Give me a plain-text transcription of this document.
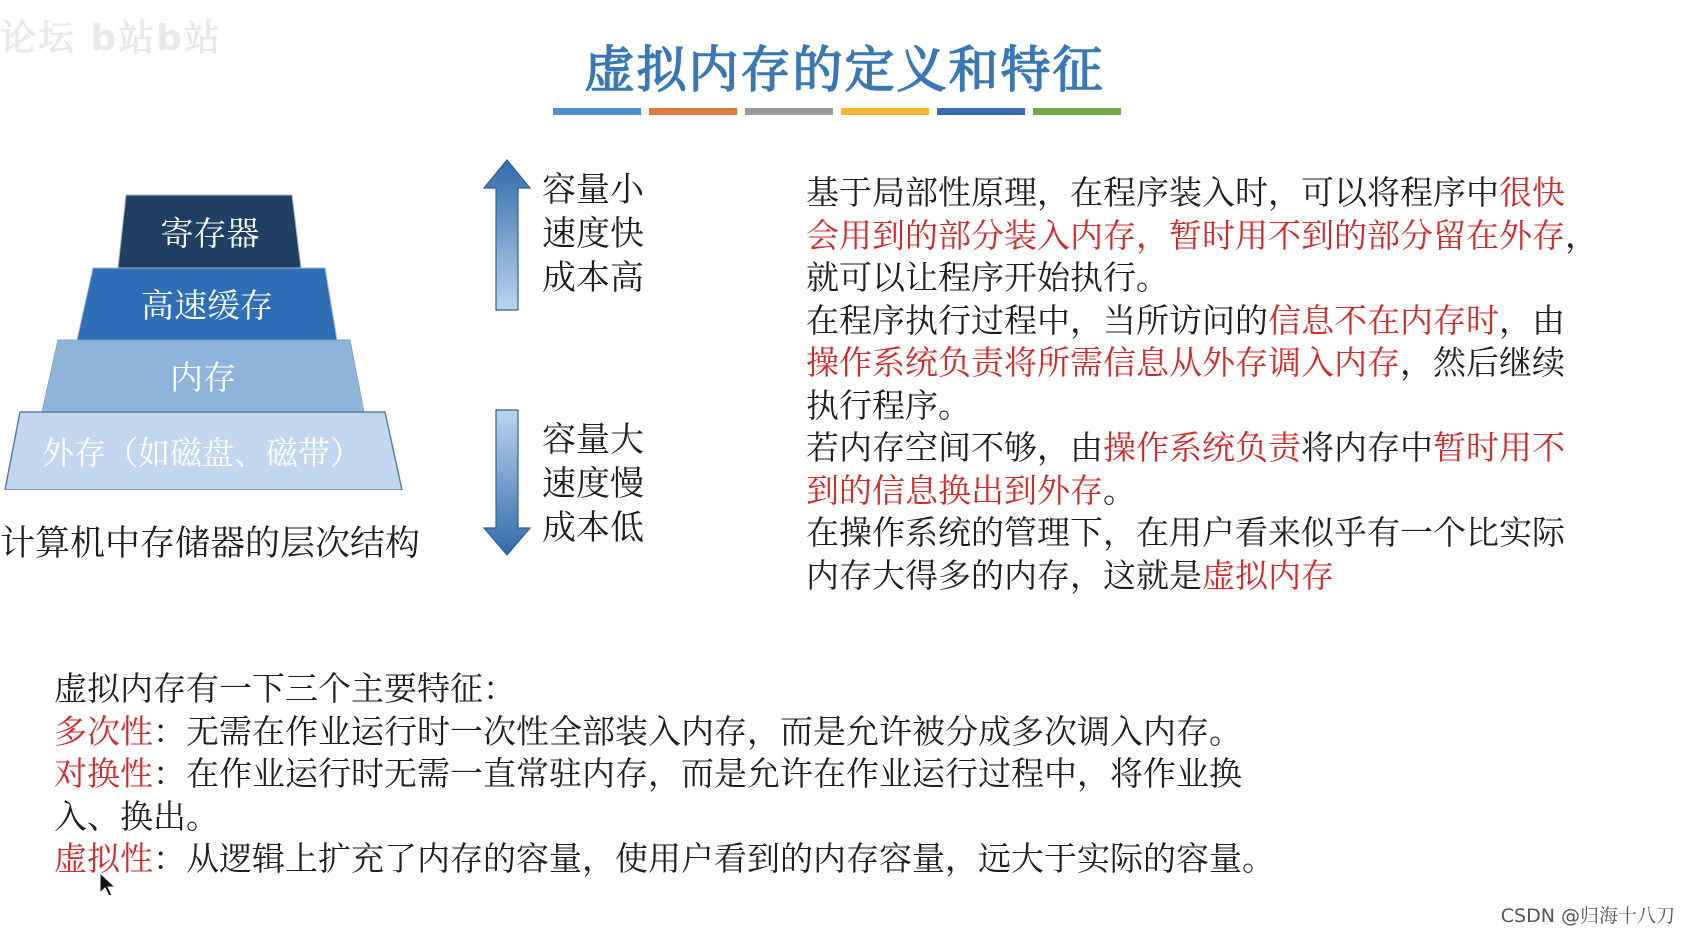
论坛 b站b站
虚拟内存的定义和特征
寄存器
高速缓存
内存
外存（如磁盘、磁带）
计算机中存储器的层次结构
容量小
速度快
成本高
容量大
速度慢
成本低

基于局部性原理，在程序装入时，可以将程序中很快

会用到的部分装入内存，暂时用不到的部分留在外存，

就可以让程序开始执行。

在程序执行过程中，当所访问的信息不在内存时，由

操作系统负责将所需信息从外存调入内存，然后继续

执行程序。

若内存空间不够，由操作系统负责将内存中暂时用不

到的信息换出到外存。

在操作系统的管理下，在用户看来似乎有一个比实际

内存大得多的内存，这就是虚拟内存

虚拟内存有一下三个主要特征：

多次性：无需在作业运行时一次性全部装入内存，而是允许被分成多次调入内存。

对换性：在作业运行时无需一直常驻内存，而是允许在作业运行过程中，将作业换

入、换出。

虚拟性：从逻辑上扩充了内存的容量，使用户看到的内存容量，远大于实际的容量。

CSDN @归海十八刀
